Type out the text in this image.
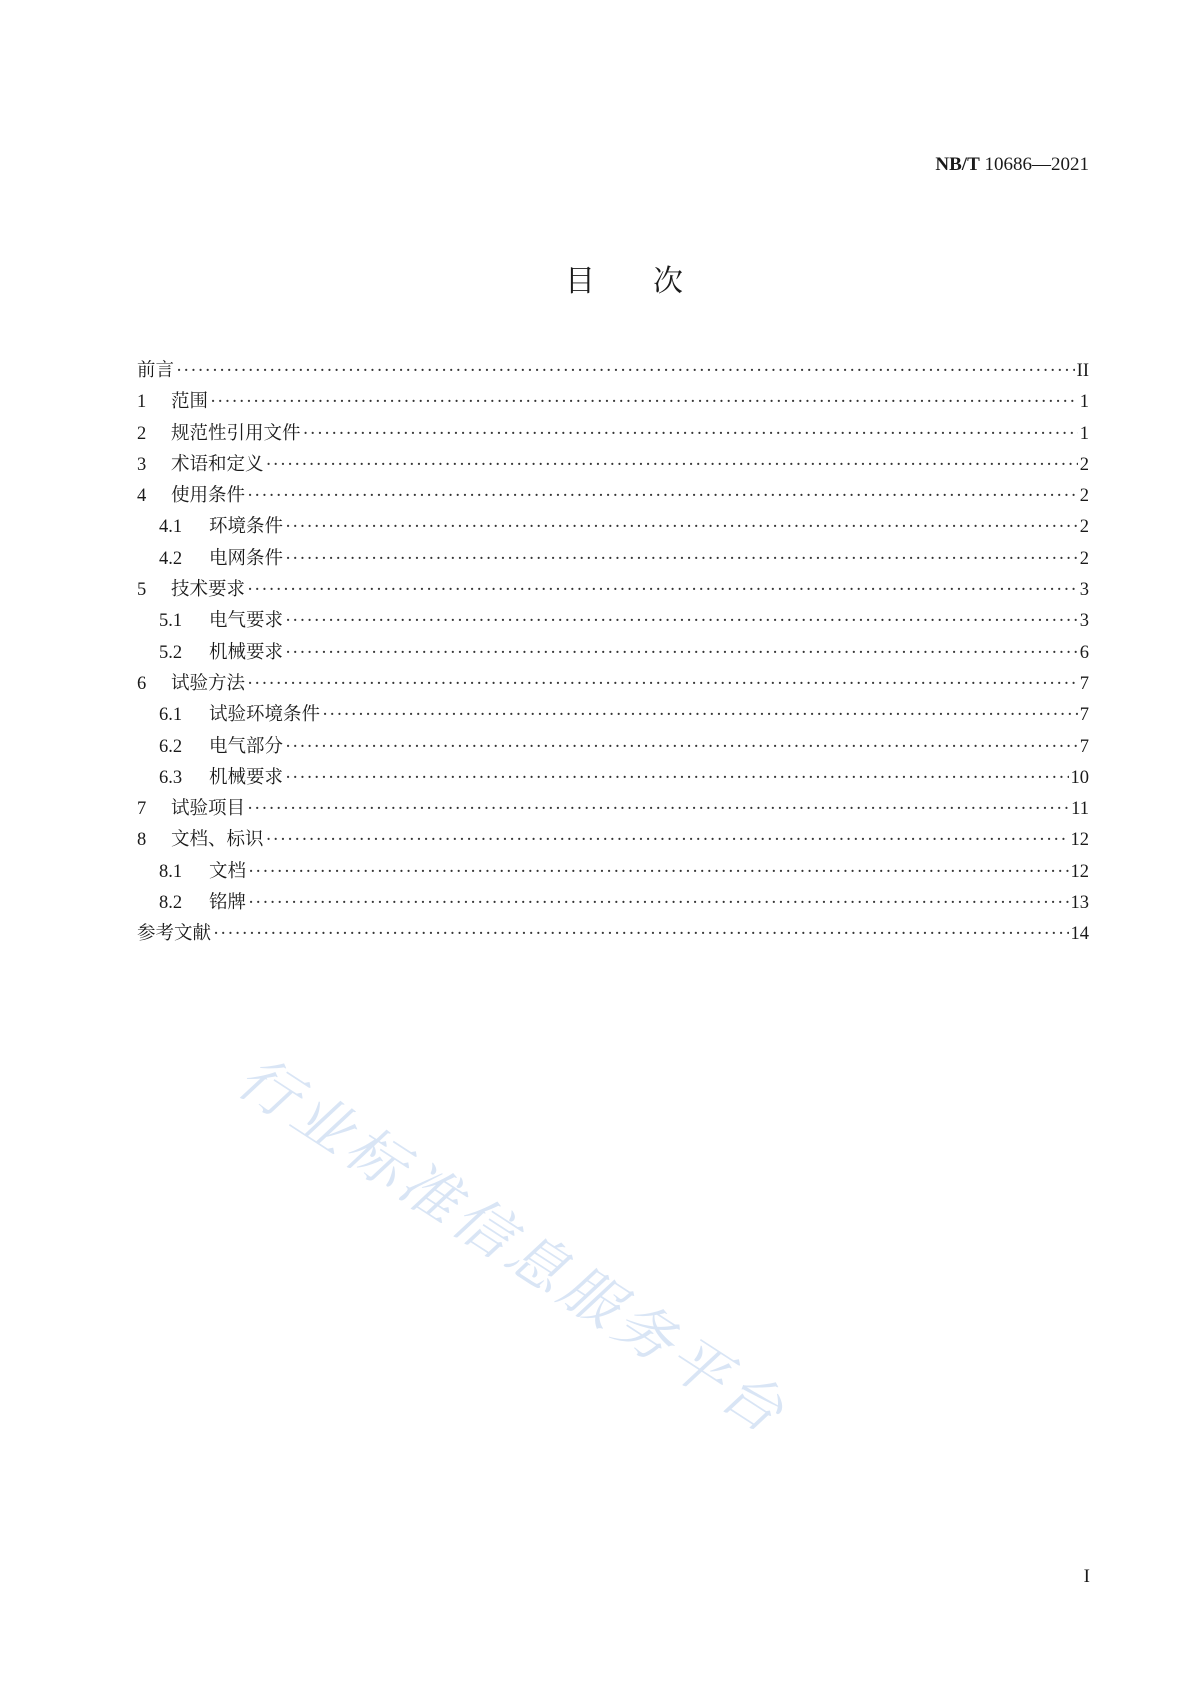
NB/T 10686—2021
目次
前言 ·····	II
1	范围 ·····	1
2	规范性引用文件 ·····	1
3	术语和定义 ·····	2
4	使用条件 ·····	2
4.1	环境条件 ·····	2
4.2	电网条件 ·····	2
5	技术要求 ·····	3
5.1	电气要求 ·····	3
5.2	机械要求 ·····	6
6	试验方法 ·····	7
6.1	试验环境条件 ·····	7
6.2	电气部分 ·····	7
6.3	机械要求 ·····	10
7	试验项目 ·····	11
8	文档、标识 ·····	12
8.1	文档 ·····	12
8.2	铭牌 ·····	13
参考文献 ·····	14
行业标准信息服务平台
I
